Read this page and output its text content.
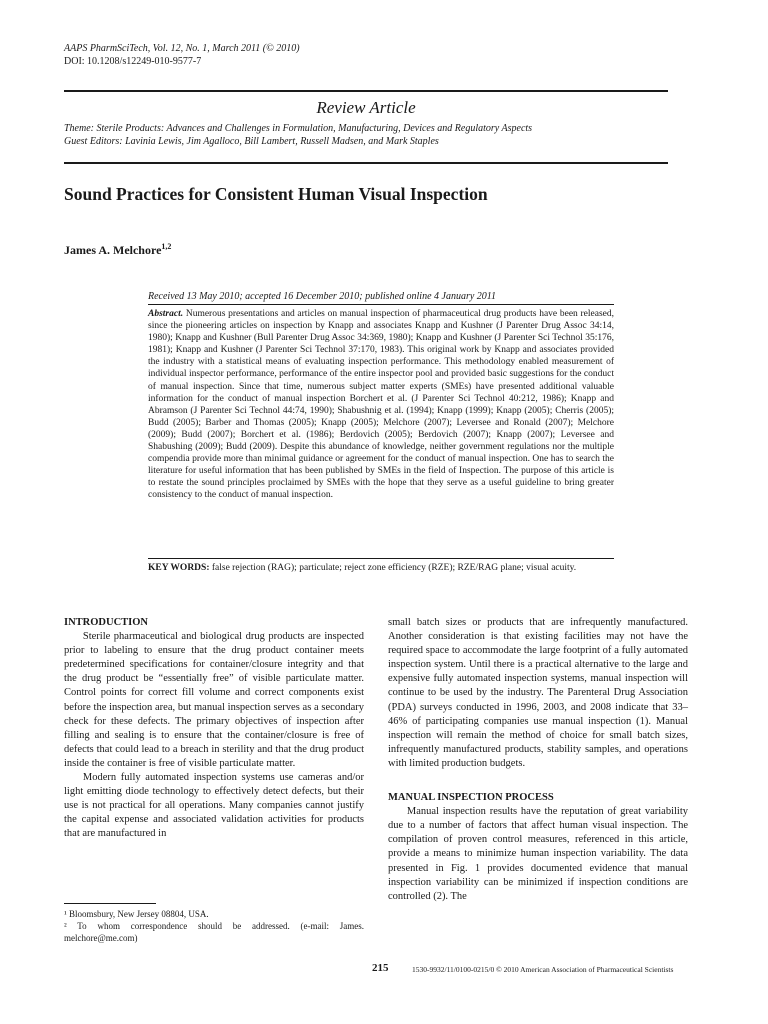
AAPS PharmSciTech, Vol. 12, No. 1, March 2011 (© 2010)
DOI: 10.1208/s12249-010-9577-7
Review Article
Theme: Sterile Products: Advances and Challenges in Formulation, Manufacturing, Devices and Regulatory Aspects
Guest Editors: Lavinia Lewis, Jim Agalloco, Bill Lambert, Russell Madsen, and Mark Staples
Sound Practices for Consistent Human Visual Inspection
James A. Melchore$^{1,2}$
Received 13 May 2010; accepted 16 December 2010; published online 4 January 2011
Abstract. Numerous presentations and articles on manual inspection of pharmaceutical drug products have been released, since the pioneering articles on inspection by Knapp and associates Knapp and Kushner (J Parenter Drug Assoc 34:14, 1980); Knapp and Kushner (Bull Parenter Drug Assoc 34:369, 1980); Knapp and Kushner (J Parenter Sci Technol 35:176, 1981); Knapp and Kushner (J Parenter Sci Technol 37:170, 1983). This original work by Knapp and associates provided the industry with a statistical means of evaluating inspection performance. This methodology enabled measurement of individual inspector performance, performance of the entire inspector pool and provided basic suggestions for the conduct of manual inspection. Since that time, numerous subject matter experts (SMEs) have presented additional valuable information for the conduct of manual inspection Borchert et al. (J Parenter Sci Technol 40:212, 1986); Knapp and Abramson (J Parenter Sci Technol 44:74, 1990); Shabushnig et al. (1994); Knapp (1999); Knapp (2005); Cherris (2005); Budd (2005); Barber and Thomas (2005); Knapp (2005); Melchore (2007); Leversee and Ronald (2007); Melchore (2009); Budd (2007); Borchert et al. (1986); Berdovich (2005); Berdovich (2007); Knapp (2007); Leversee and Shabushing (2009); Budd (2009). Despite this abundance of knowledge, neither government regulations nor the multiple compendia provide more than minimal guidance or agreement for the conduct of manual inspection. One has to search the literature for useful information that has been published by SMEs in the field of Inspection. The purpose of this article is to restate the sound principles proclaimed by SMEs with the hope that they serve as a useful guideline to bring greater consistency to the conduct of manual inspection.
KEY WORDS: false rejection (RAG); particulate; reject zone efficiency (RZE); RZE/RAG plane; visual acuity.

INTRODUCTION

Sterile pharmaceutical and biological drug products are inspected prior to labeling to ensure that the drug product container meets predetermined specifications for container/closure integrity and that the drug product be “essentially free” of visible particulate matter. Control points for correct fill volume and correct components exist before the inspection area, but manual inspection serves as a secondary check for these defects. The primary objectives of inspection after filling and sealing is to ensure that the container/closure is free of defects that could lead to a breach in sterility and that the drug product inside the container is free of visible particulate matter.

Modern fully automated inspection systems use cameras and/or light emitting diode technology to effectively detect defects, but their use is not practical for all operations. Many companies cannot justify the capital expense and associated validation activities for products that are manufactured in

small batch sizes or products that are infrequently manufactured. Another consideration is that existing facilities may not have the required space to accommodate the large footprint of a fully automated inspection system. Until there is a practical alternative to the large and expensive fully automated inspection systems, manual inspection will continue to be used by the industry. The Parenteral Drug Association (PDA) surveys conducted in 1996, 2003, and 2008 indicate that 33–46% of participating companies use manual inspection (1). Manual inspection will remain the method of choice for small batch sizes, infrequently manufactured products, stability samples, and operations with limited production budgets.

MANUAL INSPECTION PROCESS

Manual inspection results have the reputation of great variability due to a number of factors that affect human visual inspection. The compilation of proven control measures, referenced in this article, provide a means to minimize human inspection variability. The data presented in Fig. 1 provides documented evidence that manual inspection variability can be minimized if inspection conditions are controlled (2). The

¹ Bloomsbury, New Jersey 08804, USA.
² To whom correspondence should be addressed. (e-mail: James. melchore@me.com)
215	1530-9932/11/0100-0215/0 © 2010 American Association of Pharmaceutical Scientists
